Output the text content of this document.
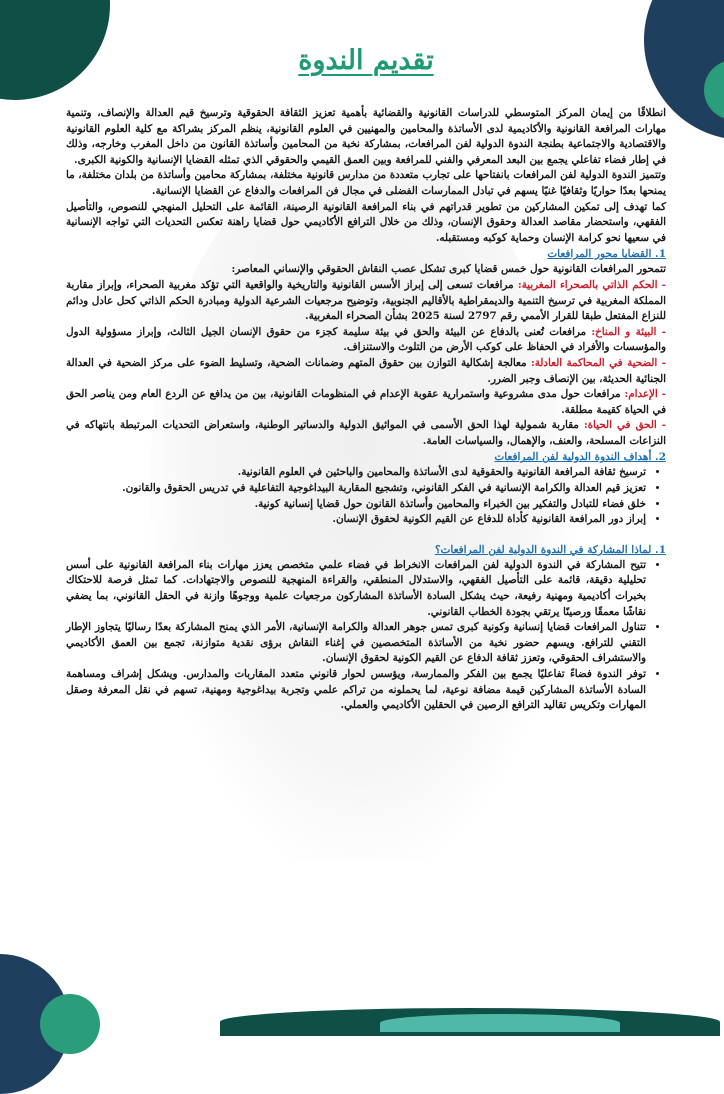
تقديم الندوة

انطلاقًا من إيمان المركز المتوسطي للدراسات القانونية والقضائية بأهمية تعزيز الثقافة الحقوقية وترسيخ قيم العدالة والإنصاف، وتنمية مهارات المرافعة القانونية والأكاديمية لدى الأساتذة والمحامين والمهنيين في العلوم القانونية، ينظم المركز بشراكة مع كلية العلوم القانونية والاقتصادية والاجتماعية بطنجة الندوة الدولية لفن المرافعات، بمشاركة نخبة من المحامين وأساتذة القانون من داخل المغرب وخارجه، وذلك في إطار فضاء تفاعلي يجمع بين البعد المعرفي والفني للمرافعة وبين العمق القيمي والحقوقي الذي تمثله القضايا الإنسانية والكونية الكبرى.

وتتميز الندوة الدولية لفن المرافعات بانفتاحها على تجارب متعددة من مدارس قانونية مختلفة، بمشاركة محامين وأساتذة من بلدان مختلفة، ما يمنحها بعدًا حواريًا وثقافيًا غنيًا يسهم في تبادل الممارسات الفضلى في مجال فن المرافعات والدفاع عن القضايا الإنسانية.

كما تهدف إلى تمكين المشاركين من تطوير قدراتهم في بناء المرافعة القانونية الرصينة، القائمة على التحليل المنهجي للنصوص، والتأصيل الفقهي، واستحضار مقاصد العدالة وحقوق الإنسان، وذلك من خلال الترافع الأكاديمي حول قضايا راهنة تعكس التحديات التي تواجه الإنسانية في سعيها نحو كرامة الإنسان وحماية كوكبه ومستقبله.

1. القضايا محور المرافعات

تتمحور المرافعات القانونية حول خمس قضايا كبرى تشكل عصب النقاش الحقوقي والإنساني المعاصر:

- الحكم الذاتي بالصحراء المغربية: مرافعات تسعى إلى إبراز الأسس القانونية والتاريخية والواقعية التي تؤكد مغربية الصحراء، وإبراز مقاربة المملكة المغربية في ترسيخ التنمية والديمقراطية بالأقاليم الجنوبية، وتوضيح مرجعيات الشرعية الدولية ومبادرة الحكم الذاتي كحل عادل ودائم للنزاع المفتعل طبقا للقرار الأممي رقم 2797 لسنة 2025 بشأن الصحراء المغربية.

- البيئة و المناخ: مرافعات تُعنى بالدفاع عن البيئة والحق في بيئة سليمة كجزء من حقوق الإنسان الجيل الثالث، وإبراز مسؤولية الدول والمؤسسات والأفراد في الحفاظ على كوكب الأرض من التلوث والاستنزاف.

- الضحية في المحاكمة العادلة: معالجة إشكالية التوازن بين حقوق المتهم وضمانات الضحية، وتسليط الضوء على مركز الضحية في العدالة الجنائية الحديثة، بين الإنصاف وجبر الضرر.

- الإعدام: مرافعات حول مدى مشروعية واستمرارية عقوبة الإعدام في المنظومات القانونية، بين من يدافع عن الردع العام ومن يناصر الحق في الحياة كقيمة مطلقة.

- الحق في الحياة: مقاربة شمولية لهذا الحق الأسمى في المواثيق الدولية والدساتير الوطنية، واستعراض التحديات المرتبطة بانتهاكه في النزاعات المسلحة، والعنف، والإهمال، والسياسات العامة.

2. أهداف الندوة الدولية لفن المرافعات
• ترسيخ ثقافة المرافعة القانونية والحقوقية لدى الأساتذة والمحامين والباحثين في العلوم القانونية.
• تعزيز قيم العدالة والكرامة الإنسانية في الفكر القانوني، وتشجيع المقاربة البيداغوجية التفاعلية في تدريس الحقوق والقانون.
• خلق فضاء للتبادل والتفكير بين الخبراء والمحامين وأساتذة القانون حول قضايا إنسانية كونية.
• إبراز دور المرافعة القانونية كأداة للدفاع عن القيم الكونية لحقوق الإنسان.
1. لماذا المشاركة في الندوة الدولية لفن المرافعات؟
• تتيح المشاركة في الندوة الدولية لفن المرافعات الانخراط في فضاء علمي متخصص يعزز مهارات بناء المرافعة القانونية على أسس تحليلية دقيقة، قائمة على التأصيل الفقهي، والاستدلال المنطقي، والقراءة المنهجية للنصوص والاجتهادات. كما تمثل فرصة للاحتكاك بخبرات أكاديمية ومهنية رفيعة، حيث يشكل السادة الأساتذة المشاركون مرجعيات علمية ووجوهًا وازنة في الحقل القانوني، بما يضفي نقاشًا معمقًا ورصينًا يرتقي بجودة الخطاب القانوني.
• تتناول المرافعات قضايا إنسانية وكونية كبرى تمس جوهر العدالة والكرامة الإنسانية، الأمر الذي يمنح المشاركة بعدًا رساليًا يتجاوز الإطار التقني للترافع. ويسهم حضور نخبة من الأساتذة المتخصصين في إغناء النقاش برؤى نقدية متوازنة، تجمع بين العمق الأكاديمي والاستشراف الحقوقي، وتعزز ثقافة الدفاع عن القيم الكونية لحقوق الإنسان.
• توفر الندوة فضاءً تفاعليًا يجمع بين الفكر والممارسة، ويؤسس لحوار قانوني متعدد المقاربات والمدارس. ويشكل إشراف ومساهمة السادة الأساتذة المشاركين قيمة مضافة نوعية، لما يحملونه من تراكم علمي وتجربة بيداغوجية ومهنية، تسهم في نقل المعرفة وصقل المهارات وتكريس تقاليد الترافع الرصين في الحقلين الأكاديمي والعملي.
